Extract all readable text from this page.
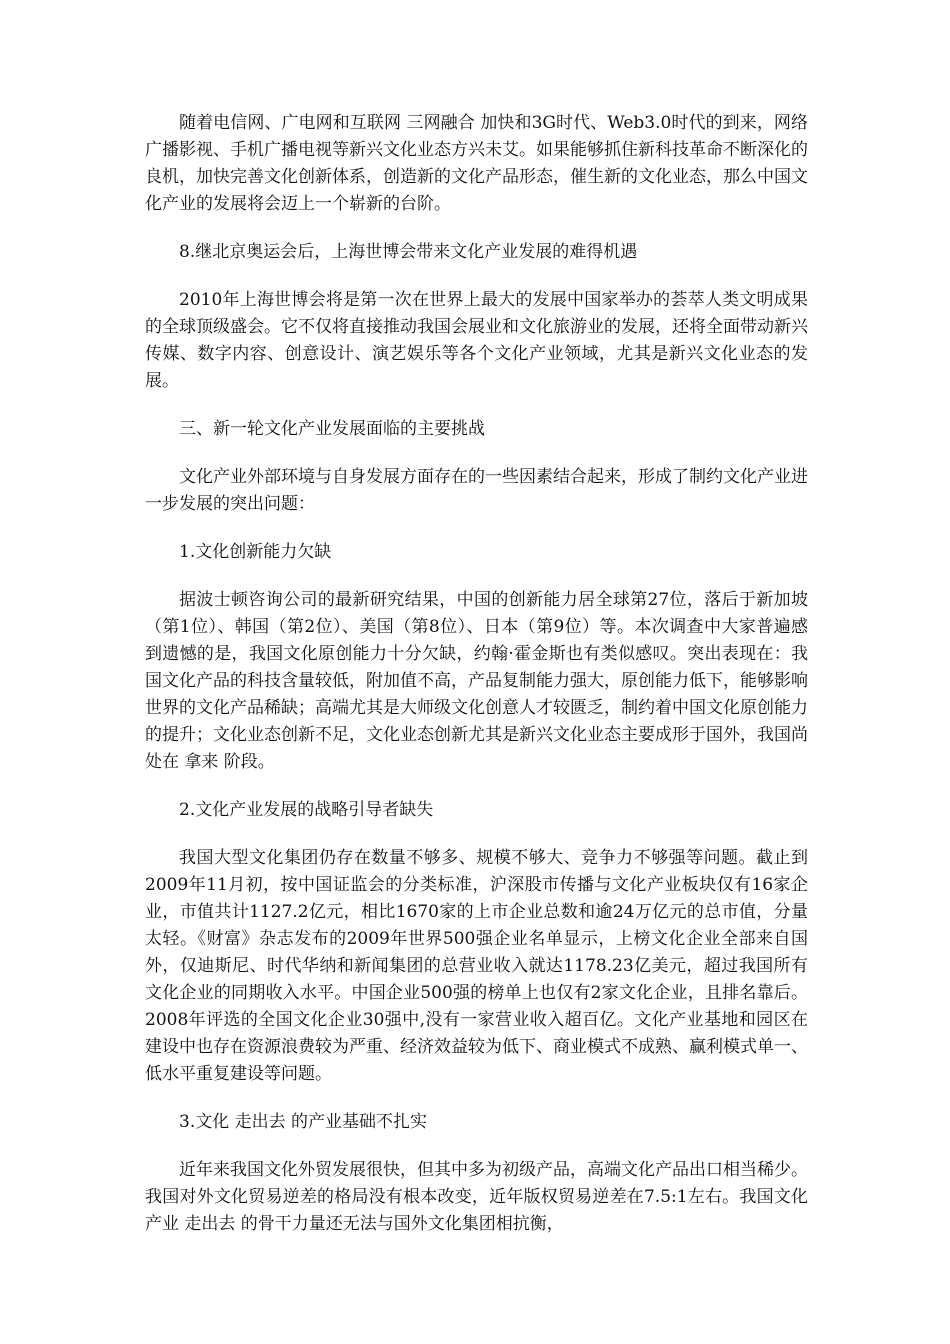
随着电信网、广电网和互联网 三网融合 加快和3G时代、Web3.0时代的到来，网络广播影视、手机广播电视等新兴文化业态方兴未艾。如果能够抓住新科技革命不断深化的良机，加快完善文化创新体系，创造新的文化产品形态，催生新的文化业态，那么中国文化产业的发展将会迈上一个崭新的台阶。

8.继北京奥运会后，上海世博会带来文化产业发展的难得机遇

2010年上海世博会将是第一次在世界上最大的发展中国家举办的荟萃人类文明成果的全球顶级盛会。它不仅将直接推动我国会展业和文化旅游业的发展，还将全面带动新兴传媒、数字内容、创意设计、演艺娱乐等各个文化产业领域，尤其是新兴文化业态的发展。

三、新一轮文化产业发展面临的主要挑战

文化产业外部环境与自身发展方面存在的一些因素结合起来，形成了制约文化产业进一步发展的突出问题：

1.文化创新能力欠缺

据波士顿咨询公司的最新研究结果，中国的创新能力居全球第27位，落后于新加坡（第1位）、韩国（第2位）、美国（第8位）、日本（第9位）等。本次调查中大家普遍感到遗憾的是，我国文化原创能力十分欠缺，约翰·霍金斯也有类似感叹。突出表现在：我国文化产品的科技含量较低，附加值不高，产品复制能力强大，原创能力低下，能够影响世界的文化产品稀缺；高端尤其是大师级文化创意人才较匮乏，制约着中国文化原创能力的提升；文化业态创新不足，文化业态创新尤其是新兴文化业态主要成形于国外，我国尚处在 拿来 阶段。

2.文化产业发展的战略引导者缺失

我国大型文化集团仍存在数量不够多、规模不够大、竞争力不够强等问题。截止到2009年11月初，按中国证监会的分类标准，沪深股市传播与文化产业板块仅有16家企业，市值共计1127.2亿元，相比1670家的上市企业总数和逾24万亿元的总市值，分量太轻。《财富》杂志发布的2009年世界500强企业名单显示，上榜文化企业全部来自国外，仅迪斯尼、时代华纳和新闻集团的总营业收入就达1178.23亿美元，超过我国所有文化企业的同期收入水平。中国企业500强的榜单上也仅有2家文化企业，且排名靠后。2008年评选的全国文化企业30强中,没有一家营业收入超百亿。文化产业基地和园区在建设中也存在资源浪费较为严重、经济效益较为低下、商业模式不成熟、赢利模式单一、低水平重复建设等问题。

3.文化 走出去 的产业基础不扎实

近年来我国文化外贸发展很快，但其中多为初级产品，高端文化产品出口相当稀少。我国对外文化贸易逆差的格局没有根本改变，近年版权贸易逆差在7.5:1左右。我国文化产业 走出去 的骨干力量还无法与国外文化集团相抗衡，
